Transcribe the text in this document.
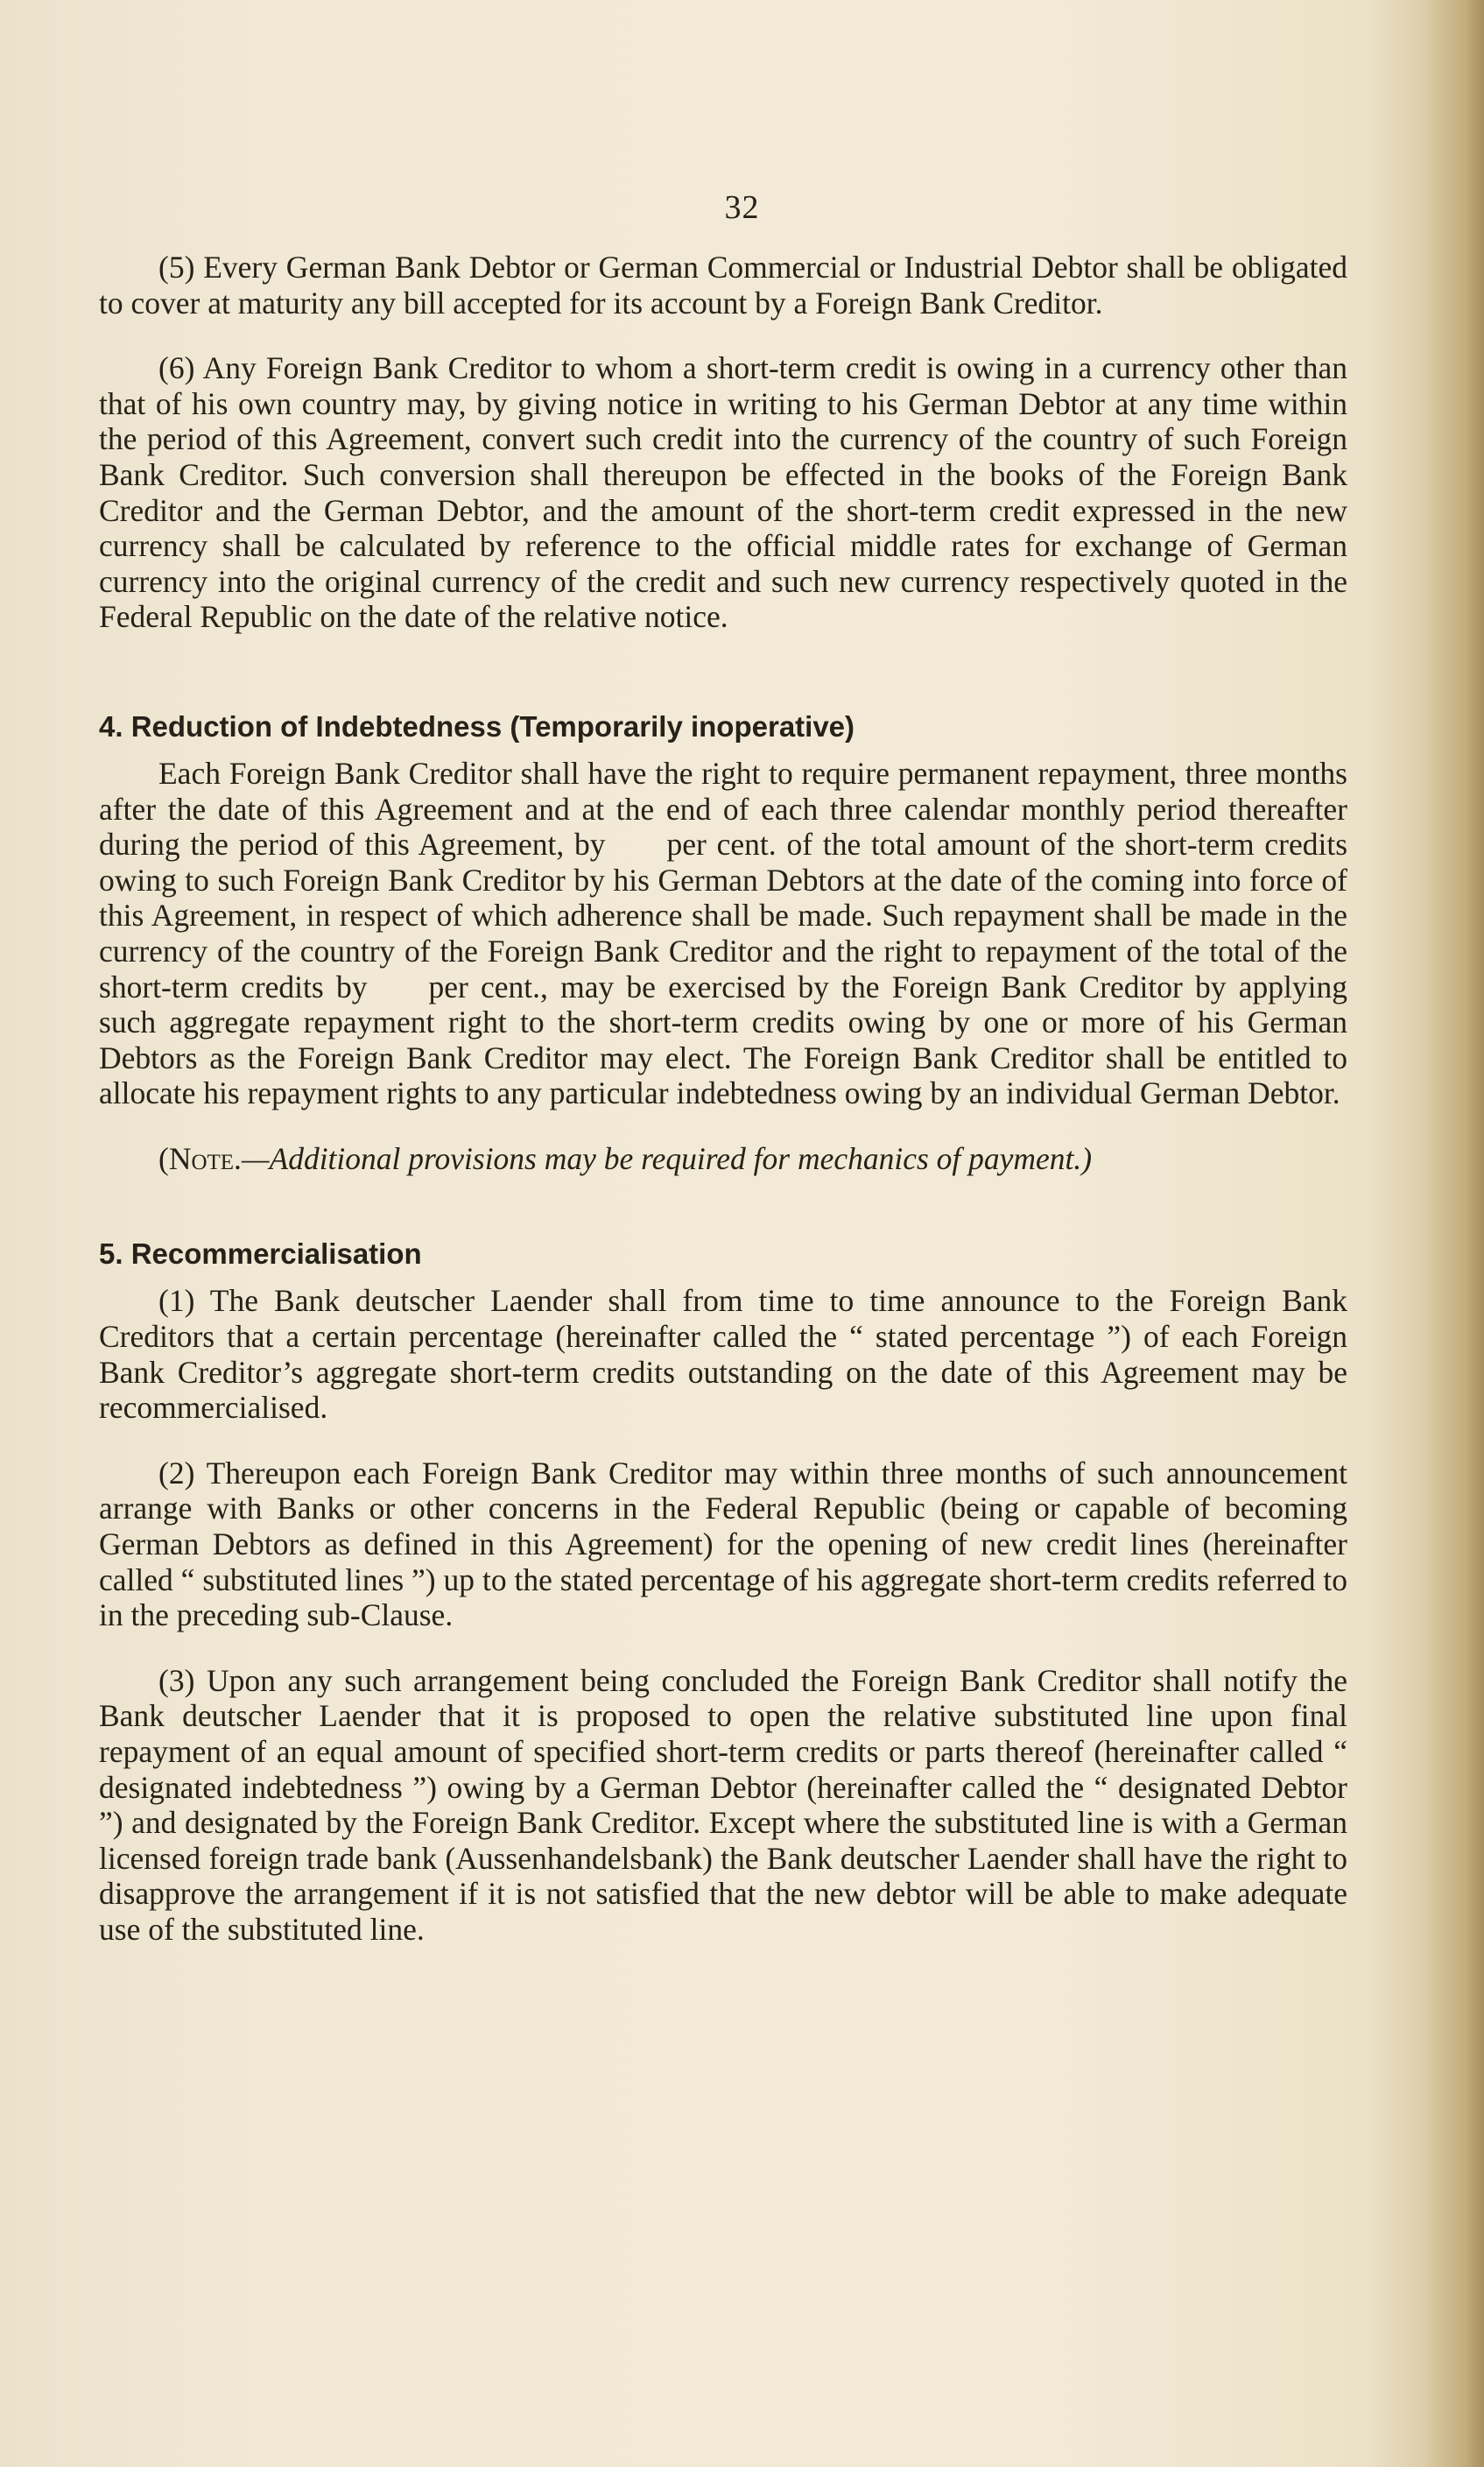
32

(5) Every German Bank Debtor or German Commercial or Industrial Debtor shall be obligated to cover at maturity any bill accepted for its account by a Foreign Bank Creditor.

(6) Any Foreign Bank Creditor to whom a short-term credit is owing in a currency other than that of his own country may, by giving notice in writing to his German Debtor at any time within the period of this Agreement, convert such credit into the currency of the country of such Foreign Bank Creditor. Such conversion shall thereupon be effected in the books of the Foreign Bank Creditor and the German Debtor, and the amount of the short-term credit expressed in the new currency shall be calculated by reference to the official middle rates for exchange of German currency into the original currency of the credit and such new currency respectively quoted in the Federal Republic on the date of the relative notice.

4. Reduction of Indebtedness (Temporarily inoperative)

Each Foreign Bank Creditor shall have the right to require permanent repayment, three months after the date of this Agreement and at the end of each three calendar monthly period thereafter during the period of this Agreement, by per cent. of the total amount of the short-term credits owing to such Foreign Bank Creditor by his German Debtors at the date of the coming into force of this Agreement, in respect of which adherence shall be made. Such repayment shall be made in the currency of the country of the Foreign Bank Creditor and the right to repayment of the total of the short-term credits by per cent., may be exercised by the Foreign Bank Creditor by applying such aggregate repayment right to the short-term credits owing by one or more of his German Debtors as the Foreign Bank Creditor may elect. The Foreign Bank Creditor shall be entitled to allocate his repayment rights to any particular indebtedness owing by an individual German Debtor.

(Note.—Additional provisions may be required for mechanics of payment.)

5. Recommercialisation

(1) The Bank deutscher Laender shall from time to time announce to the Foreign Bank Creditors that a certain percentage (hereinafter called the “ stated percentage ”) of each Foreign Bank Creditor’s aggregate short-term credits outstanding on the date of this Agreement may be recommercialised.

(2) Thereupon each Foreign Bank Creditor may within three months of such announcement arrange with Banks or other concerns in the Federal Republic (being or capable of becoming German Debtors as defined in this Agreement) for the opening of new credit lines (hereinafter called “ substituted lines ”) up to the stated percentage of his aggregate short-term credits referred to in the preceding sub-Clause.

(3) Upon any such arrangement being concluded the Foreign Bank Creditor shall notify the Bank deutscher Laender that it is proposed to open the relative substituted line upon final repayment of an equal amount of specified short-term credits or parts thereof (hereinafter called “ designated indebtedness ”) owing by a German Debtor (hereinafter called the “ designated Debtor ”) and designated by the Foreign Bank Creditor. Except where the substituted line is with a German licensed foreign trade bank (Aussenhandelsbank) the Bank deutscher Laender shall have the right to disapprove the arrangement if it is not satisfied that the new debtor will be able to make adequate use of the substituted line.
